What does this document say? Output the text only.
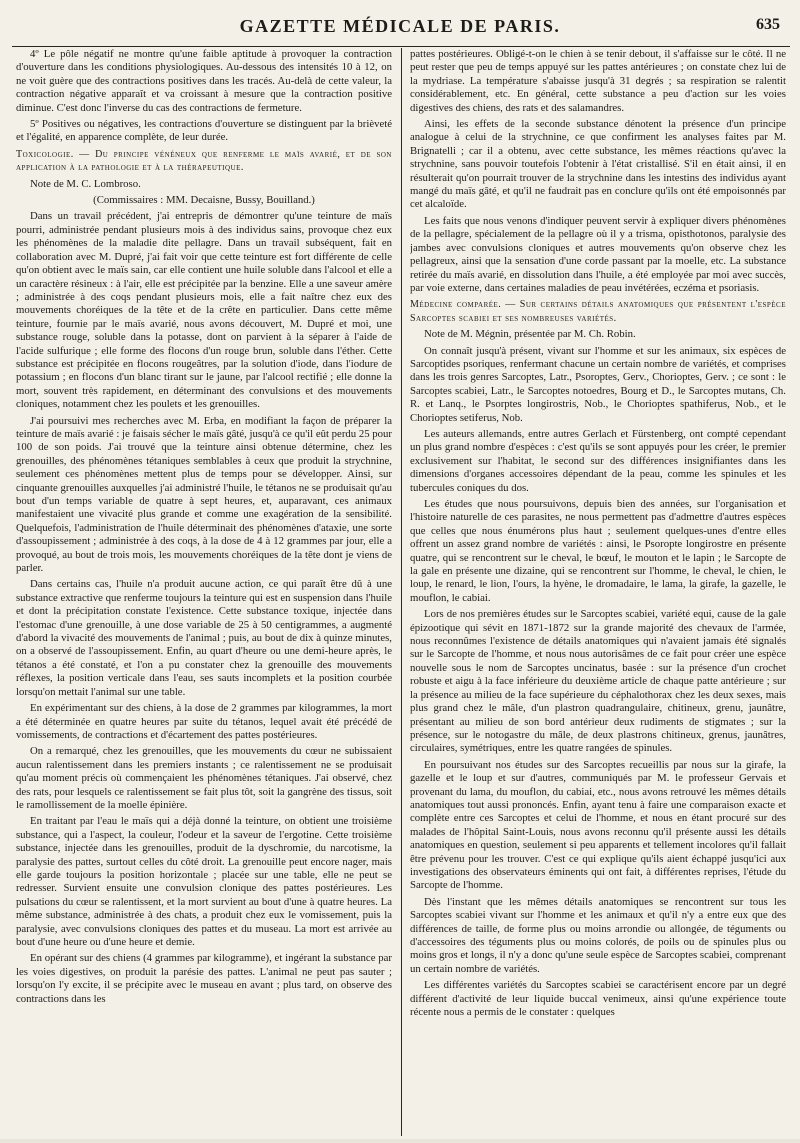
GAZETTE MÉDICALE DE PARIS.	635

4º Le pôle négatif ne montre qu'une faible aptitude à provoquer la contraction d'ouverture dans les conditions physiologiques. Au-dessous des intensités 10 à 12, on ne voit guère que des contractions positives dans les tracés. Au-delà de cette valeur, la contraction négative apparaît et va croissant à mesure que la contraction positive diminue. C'est donc l'inverse du cas des contractions de fermeture.

5º Positives ou négatives, les contractions d'ouverture se distinguent par la brièveté et l'égalité, en apparence complète, de leur durée.

Toxicologie. — Du principe vénéneux que renferme le maïs avarié, et de son application à la pathologie et à la thérapeutique.

Note de M. C. Lombroso.

(Commissaires : MM. Decaisne, Bussy, Bouilland.)

Dans un travail précédent, j'ai entrepris de démontrer qu'une teinture de maïs pourri, administrée pendant plusieurs mois à des individus sains, provoque chez eux les phénomènes de la maladie dite pellagre. Dans un travail subséquent, fait en collaboration avec M. Dupré, j'ai fait voir que cette teinture est fort différente de celle qu'on obtient avec le maïs sain, car elle contient une huile soluble dans l'alcool et elle a un caractère résineux : à l'air, elle est précipitée par la benzine. Elle a une saveur amère ; administrée à des coqs pendant plusieurs mois, elle a fait naître chez eux des mouvements choréiques de la tête et de la crête en particulier. Dans cette même teinture, fournie par le maïs avarié, nous avons découvert, M. Dupré et moi, une substance rouge, soluble dans la potasse, dont on parvient à la séparer à l'aide de l'acide sulfurique ; elle forme des flocons d'un rouge brun, soluble dans l'éther. Cette substance est précipitée en flocons rougeâtres, par la solution d'iode, dans l'iodure de potassium ; en flocons d'un blanc tirant sur le jaune, par l'alcool rectifié ; elle donne la mort, souvent très rapidement, en déterminant des convulsions et des mouvements cloniques, notamment chez les poulets et les grenouilles.

J'ai poursuivi mes recherches avec M. Erba, en modifiant la façon de préparer la teinture de maïs avarié : je faisais sécher le maïs gâté, jusqu'à ce qu'il eût perdu 25 pour 100 de son poids. J'ai trouvé que la teinture ainsi obtenue détermine, chez les grenouilles, des phénomènes tétaniques semblables à ceux que produit la strychnine, seulement ces phénomènes mettent plus de temps pour se développer. Ainsi, sur cinquante grenouilles auxquelles j'ai administré l'huile, le tétanos ne se produisait qu'au bout d'un temps variable de quatre à sept heures, et, auparavant, ces animaux manifestaient une vivacité plus grande et comme une exagération de la sensibilité. Quelquefois, l'administration de l'huile déterminait des phénomènes d'ataxie, une sorte d'assoupissement ; administrée à des coqs, à la dose de 4 à 12 grammes par jour, elle a provoqué, au bout de trois mois, les mouvements choréiques de la tête dont je viens de parler.

Dans certains cas, l'huile n'a produit aucune action, ce qui paraît être dû à une substance extractive que renferme toujours la teinture qui est en suspension dans l'huile et dont la précipitation constate l'existence. Cette substance toxique, injectée dans l'estomac d'une grenouille, à une dose variable de 25 à 50 centigrammes, a augmenté d'abord la vivacité des mouvements de l'animal ; puis, au bout de dix à quinze minutes, on a observé de l'assoupissement. Enfin, au quart d'heure ou une demi-heure après, le tétanos a été constaté, et l'on a pu constater chez la grenouille des mouvements réflexes, la position verticale dans l'eau, ses sauts incomplets et la position courbée lorsqu'on mettait l'animal sur une table.

En expérimentant sur des chiens, à la dose de 2 grammes par kilogrammes, la mort a été déterminée en quatre heures par suite du tétanos, lequel avait été précédé de vomissements, de contractions et d'écartement des pattes postérieures.

On a remarqué, chez les grenouilles, que les mouvements du cœur ne subissaient aucun ralentissement dans les premiers instants ; ce ralentissement ne se produisait qu'au moment précis où commençaient les phénomènes tétaniques. J'ai observé, chez des rats, pour lesquels ce ralentissement se fait plus tôt, soit la gangrène des tissus, soit le ramollissement de la moelle épinière.

En traitant par l'eau le maïs qui a déjà donné la teinture, on obtient une troisième substance, qui a l'aspect, la couleur, l'odeur et la saveur de l'ergotine. Cette troisième substance, injectée dans les grenouilles, produit de la dyschromie, du narcotisme, la paralysie des pattes, surtout celles du côté droit. La grenouille peut encore nager, mais elle garde toujours la position horizontale ; placée sur une table, elle ne peut se redresser. Survient ensuite une convulsion clonique des pattes postérieures. Les pulsations du cœur se ralentissent, et la mort survient au bout d'une à quatre heures. La même substance, administrée à des chats, a produit chez eux le vomissement, puis la paralysie, avec convulsions cloniques des pattes et du museau. La mort est arrivée au bout d'une heure ou d'une heure et demie.

En opérant sur des chiens (4 grammes par kilogramme), et ingérant la substance par les voies digestives, on produit la parésie des pattes. L'animal ne peut pas sauter ; lorsqu'on l'y excite, il se précipite avec le museau en avant ; plus tard, on observe des contractions dans les

pattes postérieures. Obligé-t-on le chien à se tenir debout, il s'affaisse sur le côté. Il ne peut rester que peu de temps appuyé sur les pattes antérieures ; on constate chez lui de la mydriase. La température s'abaisse jusqu'à 31 degrés ; sa respiration se ralentit considérablement, etc. En général, cette substance a peu d'action sur les voies digestives des chiens, des rats et des salamandres.

Ainsi, les effets de la seconde substance dénotent la présence d'un principe analogue à celui de la strychnine, ce que confirment les analyses faites par M. Brignatelli ; car il a obtenu, avec cette substance, les mêmes réactions qu'avec la strychnine, sans pouvoir toutefois l'obtenir à l'état cristallisé. S'il en était ainsi, il en résulterait qu'on pourrait trouver de la strychnine dans les intestins des individus ayant mangé du maïs gâté, et qu'il ne faudrait pas en conclure qu'ils ont été empoisonnés par cet alcaloïde.

Les faits que nous venons d'indiquer peuvent servir à expliquer divers phénomènes de la pellagre, spécialement de la pellagre où il y a trisma, opisthotonos, paralysie des jambes avec convulsions cloniques et autres mouvements qu'on observe chez les pellagreux, ainsi que la sensation d'une corde passant par la moelle, etc. La substance retirée du maïs avarié, en dissolution dans l'huile, a été employée par moi avec succès, par voie externe, dans certaines maladies de peau invétérées, eczéma et psoriasis.

Médecine comparée. — Sur certains détails anatomiques que présentent l'espèce Sarcoptes scabiei et ses nombreuses variétés.

Note de M. Mégnin, présentée par M. Ch. Robin.

On connaît jusqu'à présent, vivant sur l'homme et sur les animaux, six espèces de Sarcoptides psoriques, renfermant chacune un certain nombre de variétés, et comprises dans les trois genres Sarcoptes, Latr., Psoroptes, Gerv., Chorioptes, Gerv. ; ce sont : le Sarcoptes scabiei, Latr., le Sarcoptes notoedres, Bourg et D., le Sarcoptes mutans, Ch. R. et Lanq., le Psorptes longirostris, Nob., le Chorioptes spathiferus, Nob., et le Chorioptes setiferus, Nob.

Les auteurs allemands, entre autres Gerlach et Fürstenberg, ont compté cependant un plus grand nombre d'espèces : c'est qu'ils se sont appuyés pour les créer, le premier exclusivement sur l'habitat, le second sur des différences insignifiantes dans les dimensions d'organes accessoires dépendant de la peau, comme les spinules et les tubercules coniques du dos.

Les études que nous poursuivons, depuis bien des années, sur l'organisation et l'histoire naturelle de ces parasites, ne nous permettent pas d'admettre d'autres espèces que celles que nous énumérons plus haut ; seulement quelques-unes d'entre elles offrent un assez grand nombre de variétés : ainsi, le Psoropte longirostre en présente quatre, qui se rencontrent sur le cheval, le bœuf, le mouton et le lapin ; le Sarcopte de la gale en présente une dizaine, qui se rencontrent sur l'homme, le cheval, le chien, le loup, le renard, le lion, l'ours, la hyène, le dromadaire, le lama, la girafe, la gazelle, le mouflon, le cabiai.

Lors de nos premières études sur le Sarcoptes scabiei, variété equi, cause de la gale épizootique qui sévit en 1871-1872 sur la grande majorité des chevaux de l'armée, nous reconnûmes l'existence de détails anatomiques qui n'avaient jamais été signalés sur le Sarcopte de l'homme, et nous nous autorisâmes de ce fait pour créer une espèce nouvelle sous le nom de Sarcoptes uncinatus, basée : sur la présence d'un crochet robuste et aigu à la face inférieure du deuxième article de chaque patte antérieure ; sur la présence au milieu de la face supérieure du céphalothorax chez les deux sexes, mais plus grand chez le mâle, d'un plastron quadrangulaire, chitineux, grenu, jaunâtre, présentant au milieu de son bord antérieur deux rudiments de stigmates ; sur la présence, sur le notogastre du mâle, de deux plastrons chitineux, grenus, jaunâtres, circulaires, symétriques, entre les quatre rangées de spinules.

En poursuivant nos études sur des Sarcoptes recueillis par nous sur la girafe, la gazelle et le loup et sur d'autres, communiqués par M. le professeur Gervais et provenant du lama, du mouflon, du cabiai, etc., nous avons retrouvé les mêmes détails anatomiques tout aussi prononcés. Enfin, ayant tenu à faire une comparaison exacte et complète entre ces Sarcoptes et celui de l'homme, et nous en étant procuré sur des malades de l'hôpital Saint-Louis, nous avons reconnu qu'il présente aussi les détails anatomiques en question, seulement si peu apparents et tellement incolores qu'il fallait être prévenu pour les trouver. C'est ce qui explique qu'ils aient échappé jusqu'ici aux investigations des observateurs éminents qui ont fait, à différentes reprises, l'étude du Sarcopte de l'homme.

Dès l'instant que les mêmes détails anatomiques se rencontrent sur tous les Sarcoptes scabiei vivant sur l'homme et les animaux et qu'il n'y a entre eux que des différences de taille, de forme plus ou moins arrondie ou allongée, de téguments ou d'accessoires des téguments plus ou moins colorés, de poils ou de spinules plus ou moins gros et longs, il n'y a donc qu'une seule espèce de Sarcoptes scabiei, comprenant un certain nombre de variétés.

Les différentes variétés du Sarcoptes scabiei se caractérisent encore par un degré différent d'activité de leur liquide buccal venimeux, ainsi qu'une expérience toute récente nous a permis de le constater : quelques
